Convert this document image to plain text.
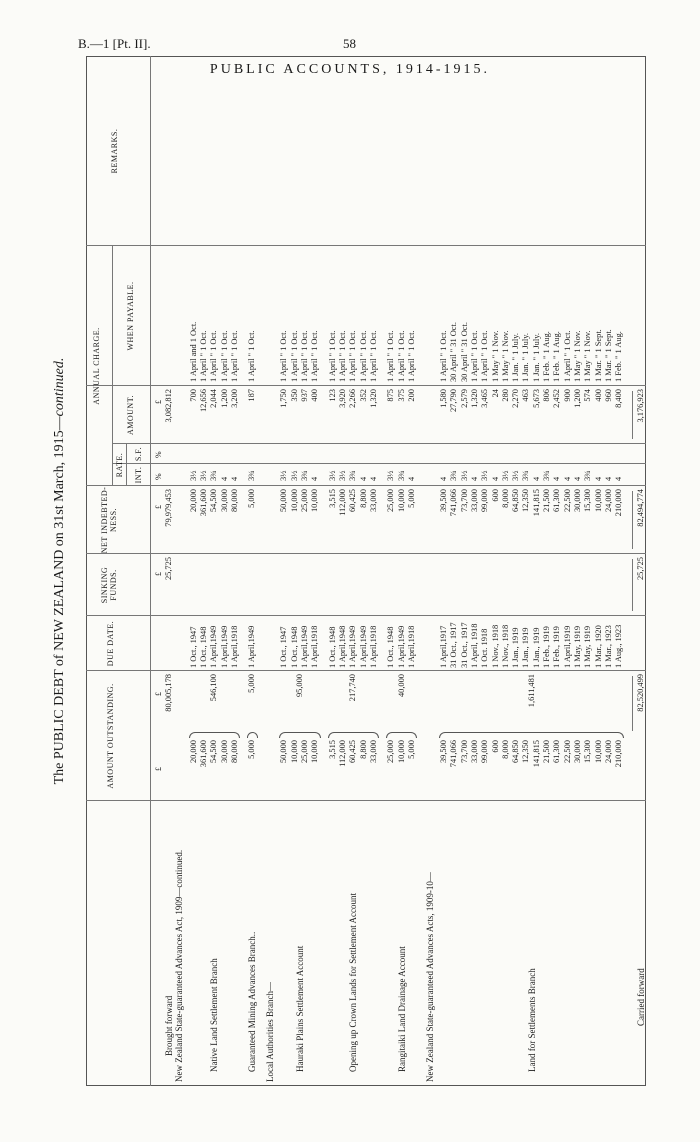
B.—1 [Pt. II].	58
PUBLIC ACCOUNTS, 1914-1915.
The PUBLIC DEBT of NEW ZEALAND on 31st March, 1915—continued.
AMOUNT OUTSTANDING.
DUE DATE.
SINKING FUNDS.
NET INDEBTED-NESS.
ANNUAL CHARGE.
RATE. INT.
S.F.
AMOUNT.
WHEN PAYABLE.
REMARKS.
£
£
£
£
%
%
£
Brought forward
80,005,178
25,725
79,979,453
3,082,812
New Zealand State-guaranteed Advances Act, 1909—continued.
20,000
1 Oct., 1947
20,000
3½
700
1 April and 1 Oct.
361,600
1 Oct., 1948
361,600
3½
12,656
1 April " 1 Oct.
54,500
1 April,1949
54,500
3¾
2,044
1 April " 1 Oct.
30,000
1 April,1949
30,000
4
1,200
1 April " 1 Oct.
80,000
1 April,1918
80,000
4
3,200
1 April " 1 Oct.
Native Land Settlement Branch
546,100
5,000
1 April,1949
5,000
3¾
187
1 April " 1 Oct.
Guaranteed Mining Advances Branch..
5,000
Local Authorities Branch—
50,000
1 Oct., 1947
50,000
3½
1,750
1 April " 1 Oct.
10,000
1 Oct., 1948
10,000
3½
350
1 April " 1 Oct.
25,000
1 April,1949
25,000
3¾
937
1 April " 1 Oct.
10,000
1 April,1918
10,000
4
400
1 April " 1 Oct.
Hauraki Plains Settlement Account
95,000
3,515
1 Oct., 1948
3,515
3½
123
1 April " 1 Oct.
112,000
1 April,1948
112,000
3½
3,920
1 April " 1 Oct.
60,425
1 April,1949
60,425
3¾
2,266
1 April " 1 Oct.
8,800
1 April,1949
8,800
4
352
1 April " 1 Oct.
33,000
1 April,1918
33,000
4
1,320
1 April " 1 Oct.
Opening up Crown Lands for Settlement Account
217,740
25,000
1 Oct., 1948
25,000
3½
875
1 April " 1 Oct.
10,000
1 April,1949
10,000
3¾
375
1 April " 1 Oct.
5,000
1 April,1918
5,000
4
200
1 April " 1 Oct.
Rangitaiki Land Drainage Account
40,000
New Zealand State-guaranteed Advances Acts, 1909-10—
39,500
1 April,1917
39,500
4
1,580
1 April " 1 Oct.
741,066
31 Oct., 1917
741,066
3¾
27,790
30 April " 31 Oct.
73,700
31 Oct., 1917
73,700
3½
2,579
30 April " 31 Oct.
33,000
1 April, 1918
33,000
4
1,320
1 April " 1 Oct.
99,000
1 Oct. 1918
99,000
3½
3,465
1 April " 1 Oct.
600
1 Nov., 1918
600
4
24
1 May " 1 Nov.
8,000
1 Nov., 1918
8,000
3½
280
1 May " 1 Nov.
64,850
1 Jan., 1919
64,850
3½
2,270
1 Jan. " 1 July.
12,350
1 Jan., 1919
12,350
3¾
463
1 Jan. " 1 July.
141,815
1 Jan., 1919
141,815
4
5,673
1 Jan. " 1 July.
21,500
1 Feb., 1919
21,500
3¾
806
1 Feb. " 1 Aug.
61,300
1 Feb., 1919
61,300
4
2,452
1 Feb. " 1 Aug.
22,500
1 April,1919
22,500
4
900
1 April " 1 Oct.
30,000
1 May, 1919
30,000
4
1,200
1 May " 1 Nov.
15,300
1 May, 1919
15,300
3¾
574
1 May " 1 Nov.
10,000
1 Mar., 1920
10,000
4
400
1 Mar. " 1 Sept.
24,000
1 Mar., 1923
24,000
4
960
1 Mar. " 1 Sept.
210,000
1 Aug., 1923
210,000
4
8,400
1 Feb. " 1 Aug.
Land for Settlements Branch
1,611,481
Carried forward
82,520,499
25,725
82,494,774
3,176,923
